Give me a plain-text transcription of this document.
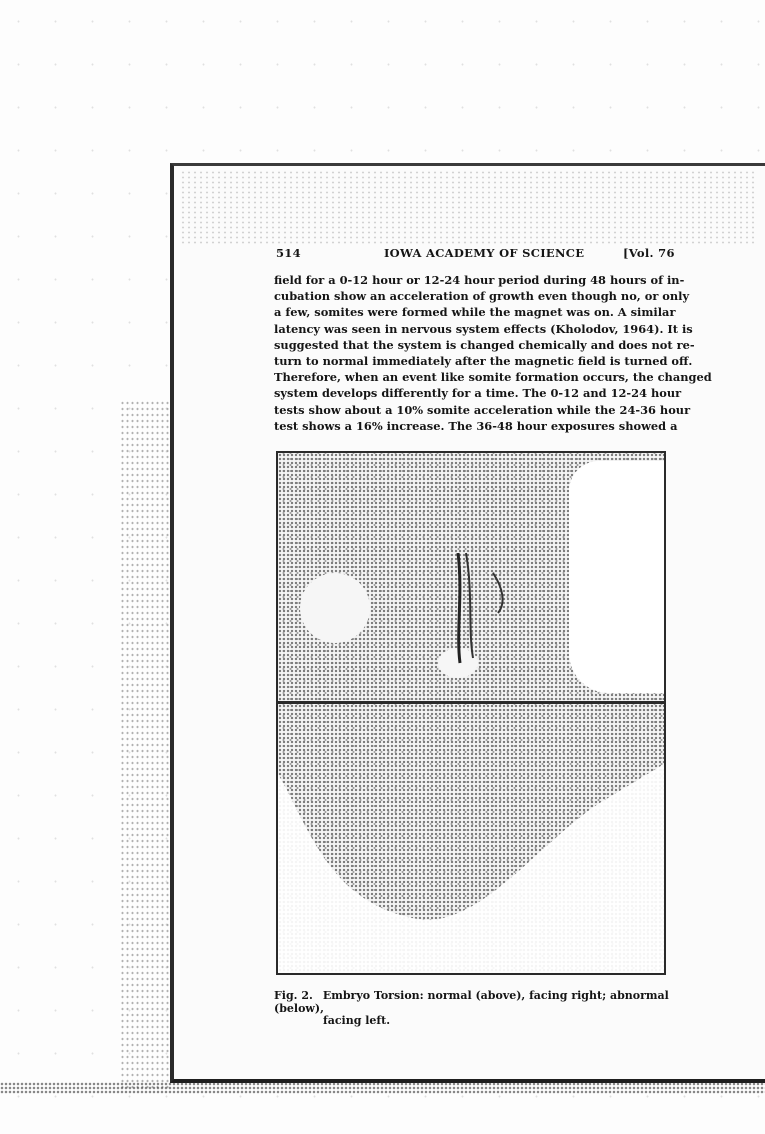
514	IOWA ACADEMY OF SCIENCE	[Vol. 76
field for a 0-12 hour or 12-24 hour period during 48 hours of in-
cubation show an acceleration of growth even though no, or only
a few, somites were formed while the magnet was on. A similar
latency was seen in nervous system effects (Kholodov, 1964). It is
suggested that the system is changed chemically and does not re-
turn to normal immediately after the magnetic field is turned off.
Therefore, when an event like somite formation occurs, the changed
system develops differently for a time. The 0-12 and 12-24 hour
tests show about a 10% somite acceleration while the 24-36 hour
test shows a 16% increase. The 36-48 hour exposures showed a
Fig. 2. Embryo Torsion: normal (above), facing right; abnormal (below),
facing left.
